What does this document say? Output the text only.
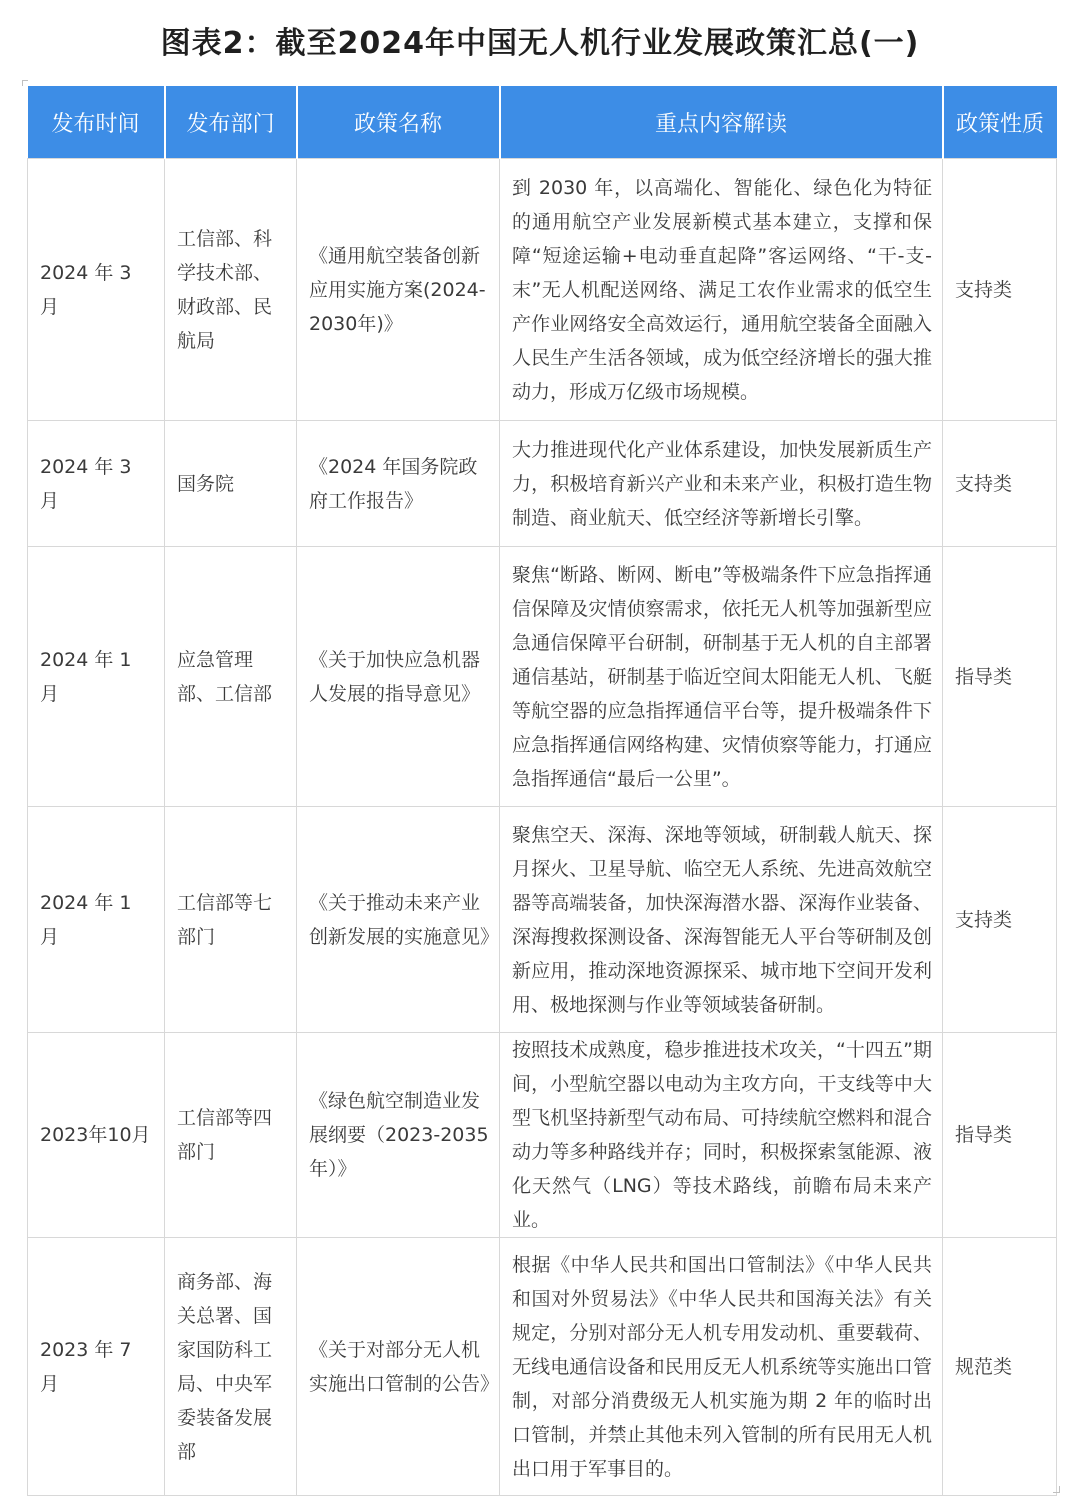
图表2：截至2024年中国无人机行业发展政策汇总(一)
发布时间	发布部门	政策名称	重点内容解读	政策性质
2024 年 3 月	工信部、科学技术部、财政部、民航局	《通用航空装备创新应用实施方案(2024-2030年)》	到 2030 年，以高端化、智能化、绿色化为特征的通用航空产业发展新模式基本建立，支撑和保障“短途运输+电动垂直起降”客运网络、“干-支-末”无人机配送网络、满足工农作业需求的低空生产作业网络安全高效运行，通用航空装备全面融入人民生产生活各领域，成为低空经济增长的强大推动力，形成万亿级市场规模。	支持类
2024 年 3 月	国务院	《2024 年国务院政府工作报告》	大力推进现代化产业体系建设，加快发展新质生产力，积极培育新兴产业和未来产业，积极打造生物制造、商业航天、低空经济等新增长引擎。	支持类
2024 年 1 月	应急管理部、工信部	《关于加快应急机器人发展的指导意见》	聚焦“断路、断网、断电”等极端条件下应急指挥通信保障及灾情侦察需求，依托无人机等加强新型应急通信保障平台研制，研制基于无人机的自主部署通信基站，研制基于临近空间太阳能无人机、飞艇等航空器的应急指挥通信平台等，提升极端条件下应急指挥通信网络构建、灾情侦察等能力，打通应急指挥通信“最后一公里”。	指导类
2024 年 1 月	工信部等七部门	《关于推动未来产业创新发展的实施意见》	聚焦空天、深海、深地等领域，研制载人航天、探月探火、卫星导航、临空无人系统、先进高效航空器等高端装备，加快深海潜水器、深海作业装备、深海搜救探测设备、深海智能无人平台等研制及创新应用，推动深地资源探采、城市地下空间开发利用、极地探测与作业等领域装备研制。	支持类
2023年10月	工信部等四部门	《绿色航空制造业发展纲要（2023-2035年）》	按照技术成熟度，稳步推进技术攻关，“十四五”期间，小型航空器以电动为主攻方向，干支线等中大型飞机坚持新型气动布局、可持续航空燃料和混合动力等多种路线并存；同时，积极探索氢能源、液化天然气（LNG）等技术路线，前瞻布局未来产业。	指导类
2023 年 7 月	商务部、海关总署、国家国防科工局、中央军委装备发展部	《关于对部分无人机实施出口管制的公告》	根据《中华人民共和国出口管制法》《中华人民共和国对外贸易法》《中华人民共和国海关法》有关规定，分别对部分无人机专用发动机、重要载荷、无线电通信设备和民用反无人机系统等实施出口管制，对部分消费级无人机实施为期 2 年的临时出口管制，并禁止其他未列入管制的所有民用无人机出口用于军事目的。	规范类
